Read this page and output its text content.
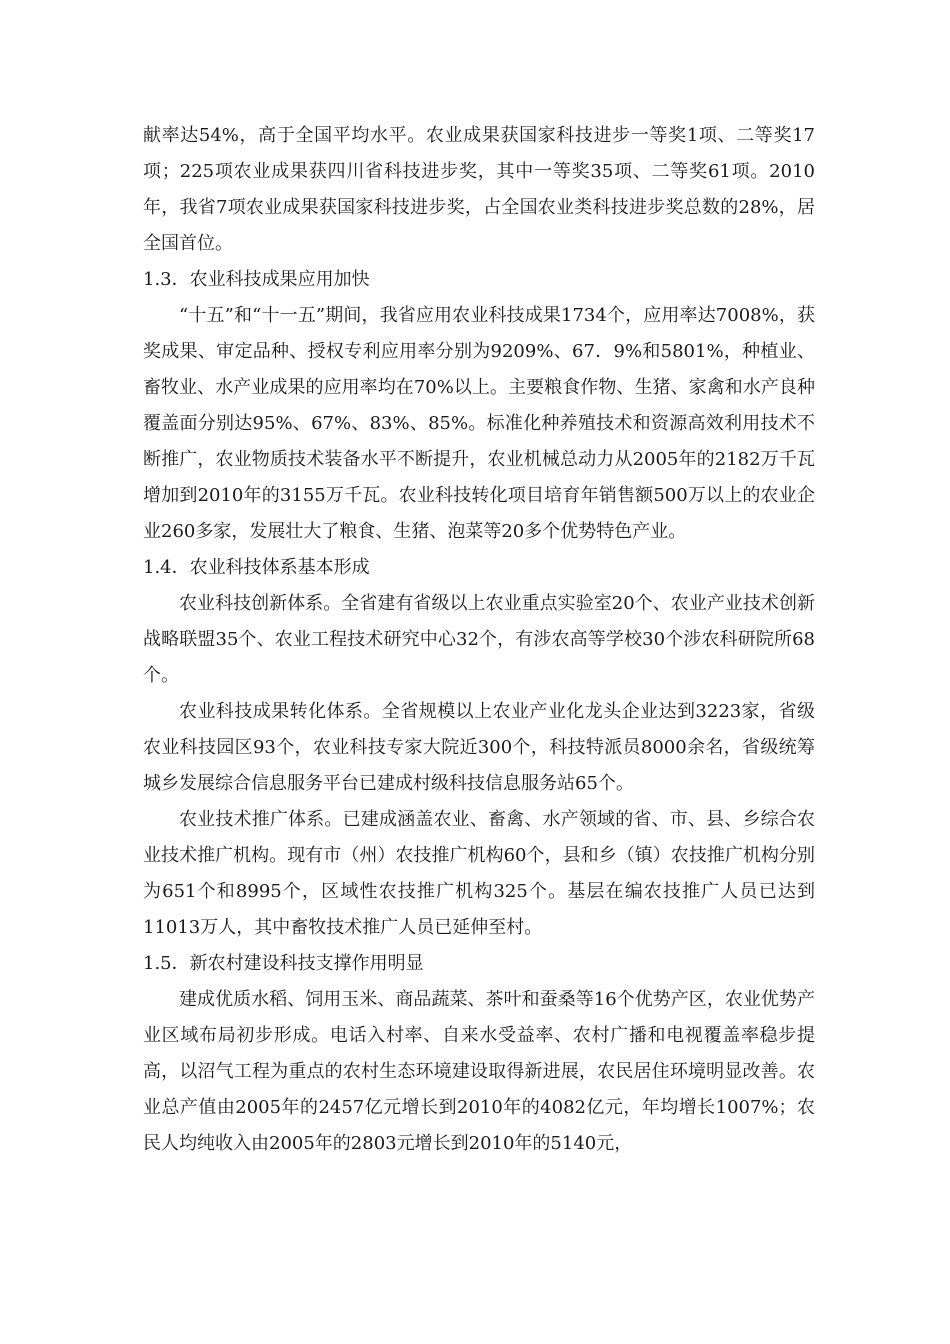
献率达54%，高于全国平均水平。农业成果获国家科技进步一等奖1项、二等奖17项；225项农业成果获四川省科技进步奖，其中一等奖35项、二等奖61项。2010年，我省7项农业成果获国家科技进步奖，占全国农业类科技进步奖总数的28%，居全国首位。

1.3．农业科技成果应用加快

“十五”和“十一五”期间，我省应用农业科技成果1734个，应用率达7008%，获奖成果、审定品种、授权专利应用率分别为9209%、67．9%和5801%，种植业、畜牧业、水产业成果的应用率均在70%以上。主要粮食作物、生猪、家禽和水产良种覆盖面分别达95%、67%、83%、85%。标准化种养殖技术和资源高效利用技术不断推广，农业物质技术装备水平不断提升，农业机械总动力从2005年的2182万千瓦增加到2010年的3155万千瓦。农业科技转化项目培育年销售额500万以上的农业企业260多家，发展壮大了粮食、生猪、泡菜等20多个优势特色产业。

1.4．农业科技体系基本形成

农业科技创新体系。全省建有省级以上农业重点实验室20个、农业产业技术创新战略联盟35个、农业工程技术研究中心32个，有涉农高等学校30个涉农科研院所68个。

农业科技成果转化体系。全省规模以上农业产业化龙头企业达到3223家，省级农业科技园区93个，农业科技专家大院近300个，科技特派员8000余名，省级统筹城乡发展综合信息服务平台已建成村级科技信息服务站65个。

农业技术推广体系。已建成涵盖农业、畜禽、水产领域的省、市、县、乡综合农业技术推广机构。现有市（州）农技推广机构60个，县和乡（镇）农技推广机构分别为651个和8995个，区域性农技推广机构325个。基层在编农技推广人员已达到11013万人，其中畜牧技术推广人员已延伸至村。

1.5．新农村建设科技支撑作用明显

建成优质水稻、饲用玉米、商品蔬菜、茶叶和蚕桑等16个优势产区，农业优势产业区域布局初步形成。电话入村率、自来水受益率、农村广播和电视覆盖率稳步提高，以沼气工程为重点的农村生态环境建设取得新进展，农民居住环境明显改善。农业总产值由2005年的2457亿元增长到2010年的4082亿元，年均增长1007%；农民人均纯收入由2005年的2803元增长到2010年的5140元，
